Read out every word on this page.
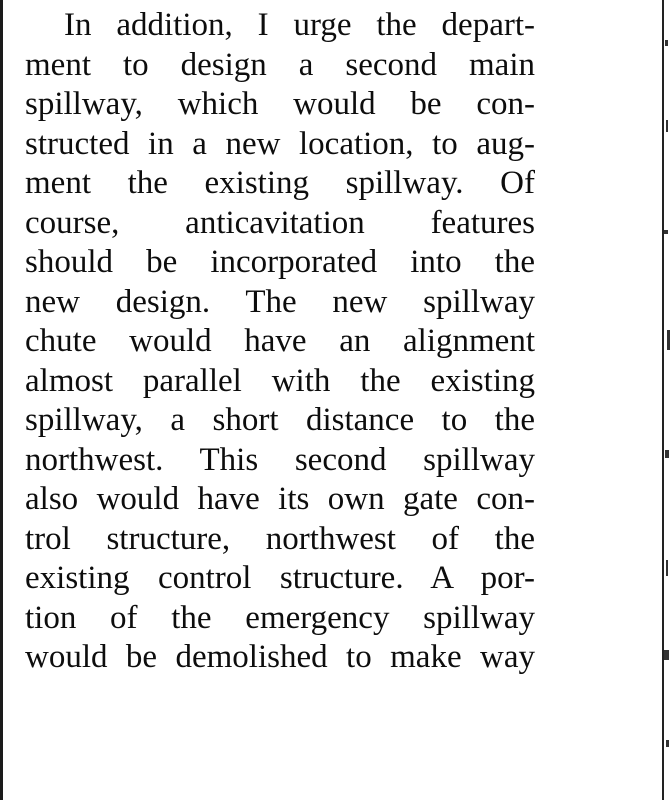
In addition, I urge the depart-
ment to design a second main
spillway, which would be con-
structed in a new location, to aug-
ment the existing spillway. Of
course, anticavitation features
should be incorporated into the
new design. The new spillway
chute would have an alignment
almost parallel with the existing
spillway, a short distance to the
northwest. This second spillway
also would have its own gate con-
trol structure, northwest of the
existing control structure. A por-
tion of the emergency spillway
would be demolished to make way
